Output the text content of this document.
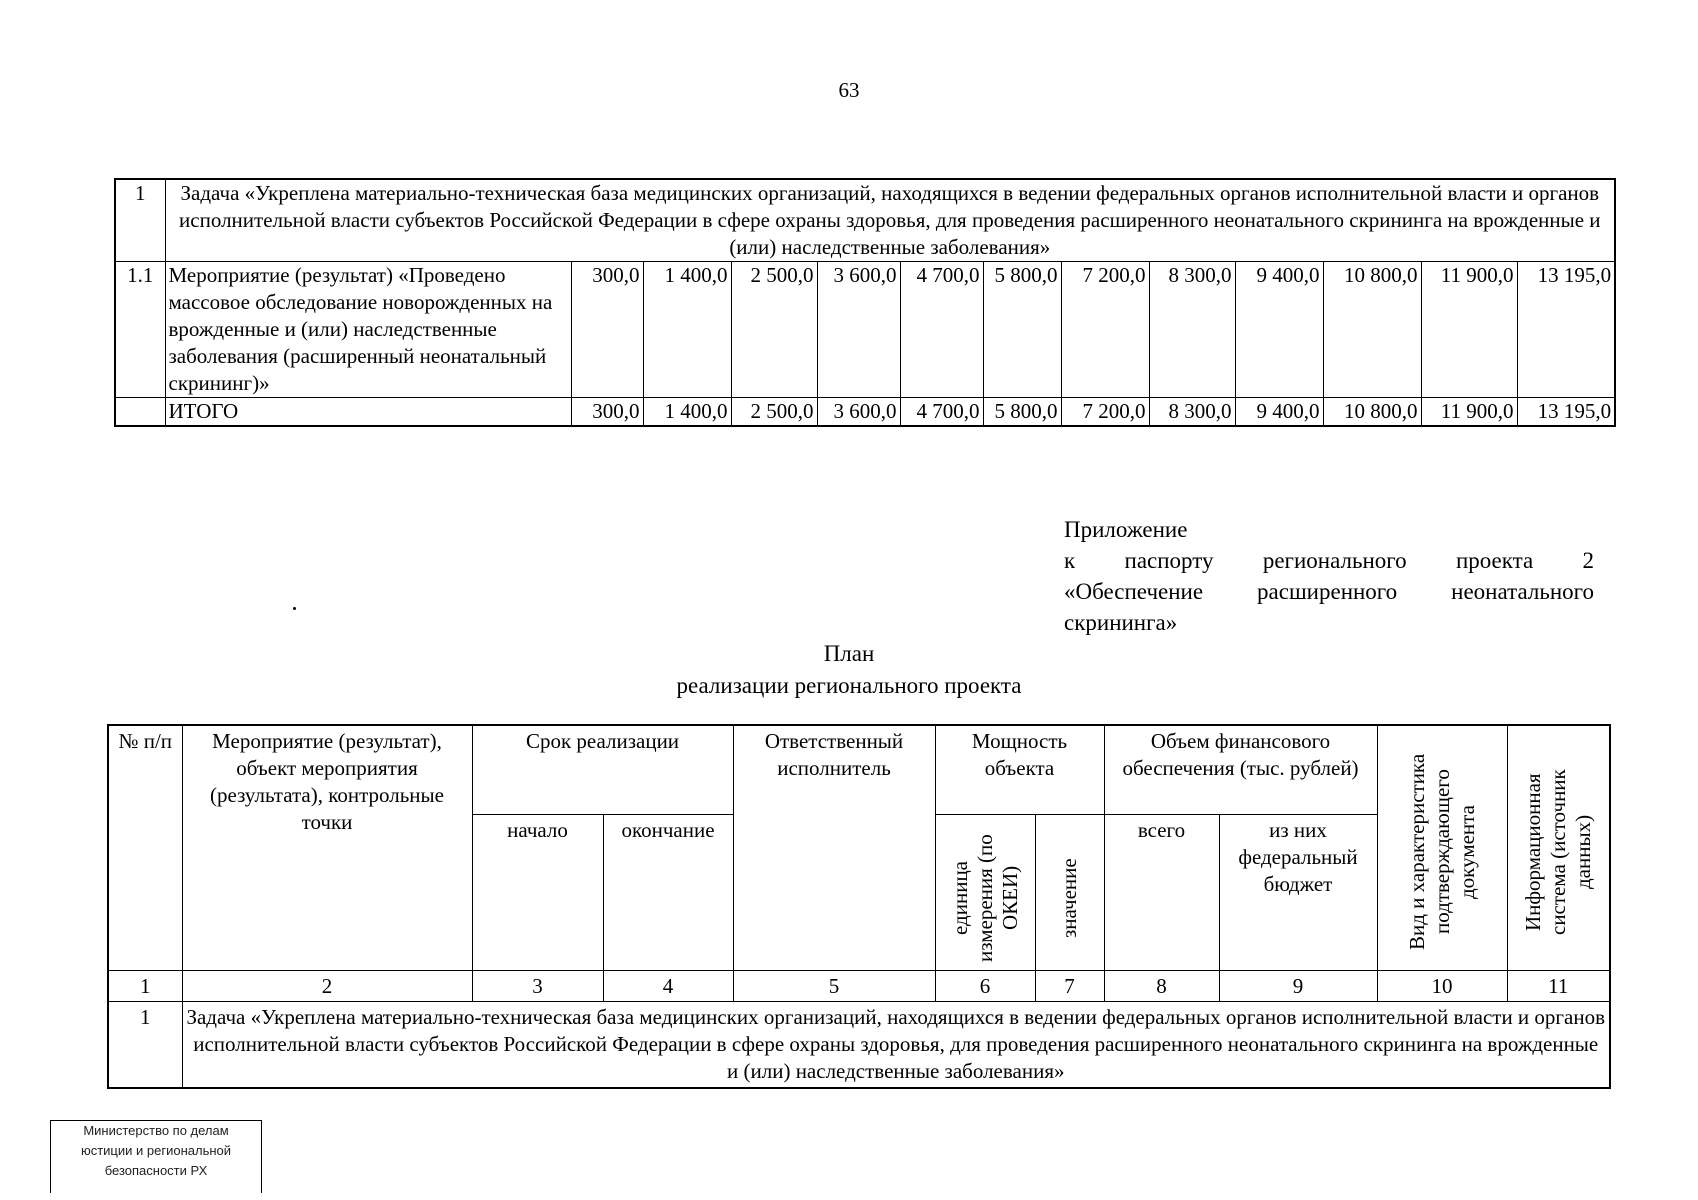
63
1	Задача «Укреплена материально-техническая база медицинских организаций, находящихся в ведении федеральных органов исполнительной власти и органов исполнительной власти субъектов Российской Федерации в сфере охраны здоровья, для проведения расширенного неонатального скрининга на врожденные и (или) наследственные заболевания»												
1.1	Мероприятие (результат) «Проведено массовое обследование новорожденных на врожденные и (или) наследственные заболевания (расширенный неонатальный скрининг)»	300,0	1 400,0	2 500,0	3 600,0	4 700,0	5 800,0	7 200,0	8 300,0	9 400,0	10 800,0	11 900,0	13 195,0
	ИТОГО	300,0	1 400,0	2 500,0	3 600,0	4 700,0	5 800,0	7 200,0	8 300,0	9 400,0	10 800,0	11 900,0	13 195,0
Приложение
к паспорту регионального проекта 2
«Обеспечение расширенного неонатального
скрининга»
План
реализации регионального проекта
№ п/п	Мероприятие (результат), объект мероприятия (результата), контрольные точки	Срок реализации		Ответственный исполнитель	Мощность объекта		Объем финансового обеспечения (тыс. рублей)		Вид и характеристика подтверждающего документа	Информационная система (источник данных)

		начало	окончание		единица измерения (по ОКЕИ)	значение	всего	из них федеральный бюджет		
1	2	3	4	5	6	7	8	9	10	11
1	Задача «Укреплена материально-техническая база медицинских организаций, находящихся в ведении федеральных органов исполнительной власти и органов исполнительной власти субъектов Российской Федерации в сфере охраны здоровья, для проведения расширенного неонатального скрининга на врожденные и (или) наследственные заболевания»									
Министерство по делам
юстиции и региональной
безопасности РХ
